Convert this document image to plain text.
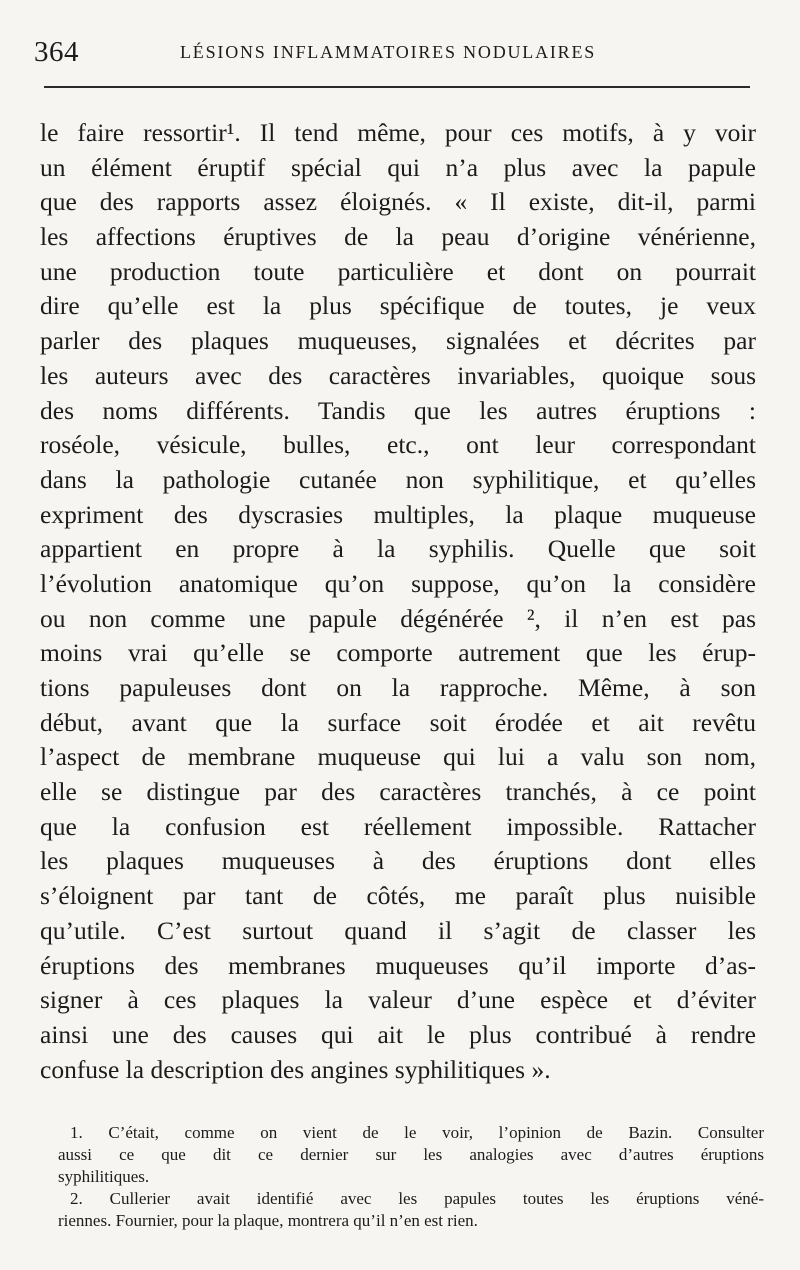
364	LÉSIONS INFLAMMATOIRES NODULAIRES
le faire ressortir¹. Il tend même, pour ces motifs, à y voir
un élément éruptif spécial qui n’a plus avec la papule
que des rapports assez éloignés. « Il existe, dit-il, parmi
les affections éruptives de la peau d’origine vénérienne,
une production toute particulière et dont on pourrait
dire qu’elle est la plus spécifique de toutes, je veux
parler des plaques muqueuses, signalées et décrites par
les auteurs avec des caractères invariables, quoique sous
des noms différents. Tandis que les autres éruptions :
roséole, vésicule, bulles, etc., ont leur correspondant
dans la pathologie cutanée non syphilitique, et qu’elles
expriment des dyscrasies multiples, la plaque muqueuse
appartient en propre à la syphilis. Quelle que soit
l’évolution anatomique qu’on suppose, qu’on la considère
ou non comme une papule dégénérée ², il n’en est pas
moins vrai qu’elle se comporte autrement que les érup-
tions papuleuses dont on la rapproche. Même, à son
début, avant que la surface soit érodée et ait revêtu
l’aspect de membrane muqueuse qui lui a valu son nom,
elle se distingue par des caractères tranchés, à ce point
que la confusion est réellement impossible. Rattacher
les plaques muqueuses à des éruptions dont elles
s’éloignent par tant de côtés, me paraît plus nuisible
qu’utile. C’est surtout quand il s’agit de classer les
éruptions des membranes muqueuses qu’il importe d’as-
signer à ces plaques la valeur d’une espèce et d’éviter
ainsi une des causes qui ait le plus contribué à rendre
confuse la description des angines syphilitiques ».
1. C’était, comme on vient de le voir, l’opinion de Bazin. Consulter
aussi ce que dit ce dernier sur les analogies avec d’autres éruptions
syphilitiques.
2. Cullerier avait identifié avec les papules toutes les éruptions véné-
riennes. Fournier, pour la plaque, montrera qu’il n’en est rien.
